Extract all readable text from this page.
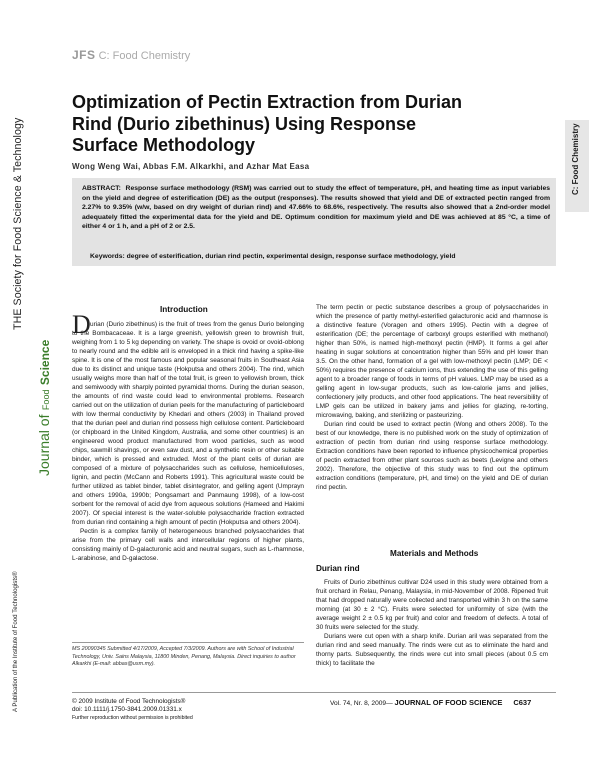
THE Society for Food Science & Technology
Journal of Food Science
A Publication of the Institute of Food Technologists®
JFS C: Food Chemistry
C: Food Chemistry
Optimization of Pectin Extraction from Durian Rind (Durio zibethinus) Using Response Surface Methodology
Wong Weng Wai, Abbas F.M. Alkarkhi, and Azhar Mat Easa

ABSTRACT: Response surface methodology (RSM) was carried out to study the effect of temperature, pH, and heating time as input variables on the yield and degree of esterification (DE) as the output (responses). The results showed that yield and DE of extracted pectin ranged from 2.27% to 9.35% (w/w, based on dry weight of durian rind) and 47.66% to 68.6%, respectively. The results also showed that a 2nd-order model adequately fitted the experimental data for the yield and DE. Optimum condition for maximum yield and DE was achieved at 85 °C, a time of either 4 or 1 h, and a pH of 2 or 2.5.

Keywords: degree of esterification, durian rind pectin, experimental design, response surface methodology, yield

Introduction
D urian (Durio zibethinus) is the fruit of trees from the genus Durio belonging to the Bombacaceae. It is a large greenish, yellowish green to brownish fruit, weighing from 1 to 5 kg depending on variety. The shape is ovoid or ovoid-oblong to nearly round and the edible aril is enveloped in a thick rind having a spike-like spine. It is one of the most famous and popular seasonal fruits in Southeast Asia due to its distinct and unique taste (Hokputsa and others 2004). The rind, which usually weighs more than half of the total fruit, is green to yellowish brown, thick and semiwoody with sharply pointed pyramidal thorns. During the durian season, the amounts of rind waste could lead to environmental problems. Research carried out on the utilization of durian peels for the manufacturing of particleboard with low thermal conductivity by Khedari and others (2003) in Thailand proved that the durian peel and durian rind possess high cellulose content. Particleboard (or chipboard in the United Kingdom, Australia, and some other countries) is an engineered wood product manufactured from wood particles, such as wood chips, sawmill shavings, or even saw dust, and a synthetic resin or other suitable binder, which is pressed and extruded. Most of the plant cells of durian are composed of a mixture of polysaccharides such as cellulose, hemicelluloses, lignin, and pectin (McCann and Roberts 1991). This agricultural waste could be further utilized as tablet binder, tablet disintegrator, and gelling agent (Umprayn and others 1990a, 1990b; Pongsamart and Panmaung 1998), of a low-cost sorbent for the removal of acid dye from aqueous solutions (Hameed and Hakimi 2007). Of special interest is the water-soluble polysaccharide fraction extracted from durian rind containing a high amount of pectin (Hokputsa and others 2004).

Pectin is a complex family of heterogeneous branched polysaccharides that arise from the primary cell walls and intercellular regions of higher plants, consisting mainly of D-galacturonic acid and neutral sugars, such as L-rhamnose, L-arabinose, and D-galactose.

The term pectin or pectic substance describes a group of polysaccharides in which the presence of partly methyl-esterified galacturonic acid and rhamnose is a distinctive feature (Voragen and others 1995). Pectin with a degree of esterification (DE; the percentage of carboxyl groups esterified with methanol) higher than 50%, is named high-methoxyl pectin (HMP). It forms a gel after heating in sugar solutions at concentration higher than 55% and pH lower than 3.5. On the other hand, formation of a gel with low-methoxyl pectin (LMP; DE < 50%) requires the presence of calcium ions, thus extending the use of this gelling agent to a broader range of foods in terms of pH values. LMP may be used as a gelling agent in low-sugar products, such as low-calorie jams and jellies, confectionery jelly products, and other food applications. The heat reversibility of LMP gels can be utilized in bakery jams and jellies for glazing, re-torting, microwaving, baking, and sterilizing or pasteurizing.

Durian rind could be used to extract pectin (Wong and others 2008). To the best of our knowledge, there is no published work on the study of optimization of extraction of pectin from durian rind using response surface methodology. Extraction conditions have been reported to influence physicochemical properties of pectin extracted from other plant sources such as beets (Levigne and others 2002). Therefore, the objective of this study was to find out the optimum extraction conditions (temperature, pH, and time) on the yield and DE of durian rind pectin.

Materials and Methods
Durian rind

Fruits of Durio zibethinus cultivar D24 used in this study were obtained from a fruit orchard in Relau, Penang, Malaysia, in mid-November of 2008. Ripened fruit that had dropped naturally were collected and transported within 3 h on the same morning (at 30 ± 2 °C). Fruits were selected for uniformity of size (with the average weight 2 ± 0.5 kg per fruit) and color and freedom of defects. A total of 30 fruits were selected for the study.

Durians were cut open with a sharp knife. Durian aril was separated from the durian rind and seed manually. The rinds were cut as to eliminate the hard and thorny parts. Subsequently, the rinds were cut into small pieces (about 0.5 cm thick) to facilitate the

MS 20090345 Submitted 4/17/2009, Accepted 7/3/2009. Authors are with School of Industrial Technology, Univ. Sains Malaysia, 11800 Minden, Penang, Malaysia. Direct inquiries to author Alkarkhi (E-mail: abbas@usm.my).
© 2009 Institute of Food Technologists®
doi: 10.1111/j.1750-3841.2009.01331.x
Further reproduction without permission is prohibited
Vol. 74, Nr. 8, 2009— JOURNAL OF FOOD SCIENCE C637
